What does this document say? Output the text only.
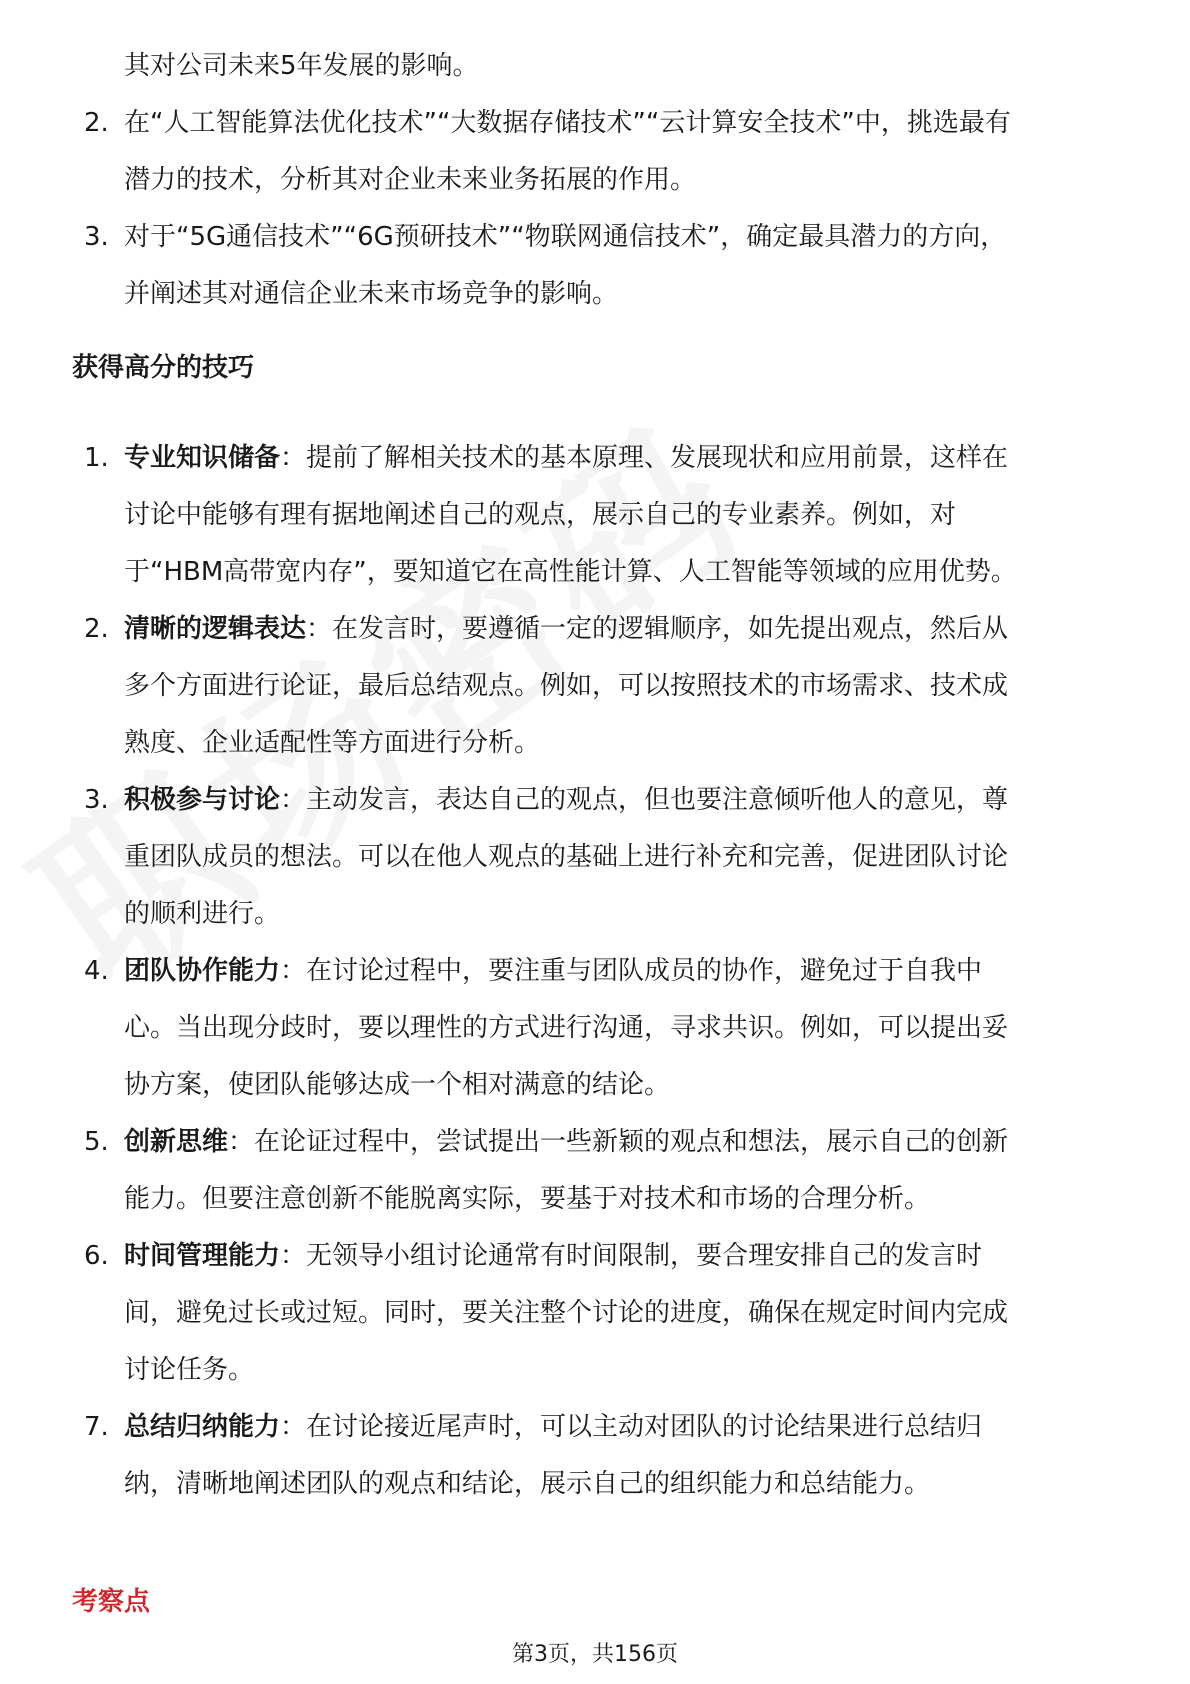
其对公司未来5年发展的影响。
2. 在“人工智能算法优化技术”“大数据存储技术”“云计算安全技术”中，挑选最有潜力的技术，分析其对企业未来业务拓展的作用。
3. 对于“5G通信技术”“6G预研技术”“物联网通信技术”，确定最具潜力的方向，并阐述其对通信企业未来市场竞争的影响。
获得高分的技巧
1. 专业知识储备：提前了解相关技术的基本原理、发展现状和应用前景，这样在讨论中能够有理有据地阐述自己的观点，展示自己的专业素养。例如，对于“HBM高带宽内存”，要知道它在高性能计算、人工智能等领域的应用优势。
2. 清晰的逻辑表达：在发言时，要遵循一定的逻辑顺序，如先提出观点，然后从多个方面进行论证，最后总结观点。例如，可以按照技术的市场需求、技术成熟度、企业适配性等方面进行分析。
3. 积极参与讨论：主动发言，表达自己的观点，但也要注意倾听他人的意见，尊重团队成员的想法。可以在他人观点的基础上进行补充和完善，促进团队讨论的顺利进行。
4. 团队协作能力：在讨论过程中，要注重与团队成员的协作，避免过于自我中心。当出现分歧时，要以理性的方式进行沟通，寻求共识。例如，可以提出妥协方案，使团队能够达成一个相对满意的结论。
5. 创新思维：在论证过程中，尝试提出一些新颖的观点和想法，展示自己的创新能力。但要注意创新不能脱离实际，要基于对技术和市场的合理分析。
6. 时间管理能力：无领导小组讨论通常有时间限制，要合理安排自己的发言时间，避免过长或过短。同时，要关注整个讨论的进度，确保在规定时间内完成讨论任务。
7. 总结归纳能力：在讨论接近尾声时，可以主动对团队的讨论结果进行总结归纳，清晰地阐述团队的观点和结论，展示自己的组织能力和总结能力。
考察点
第3页，共156页
